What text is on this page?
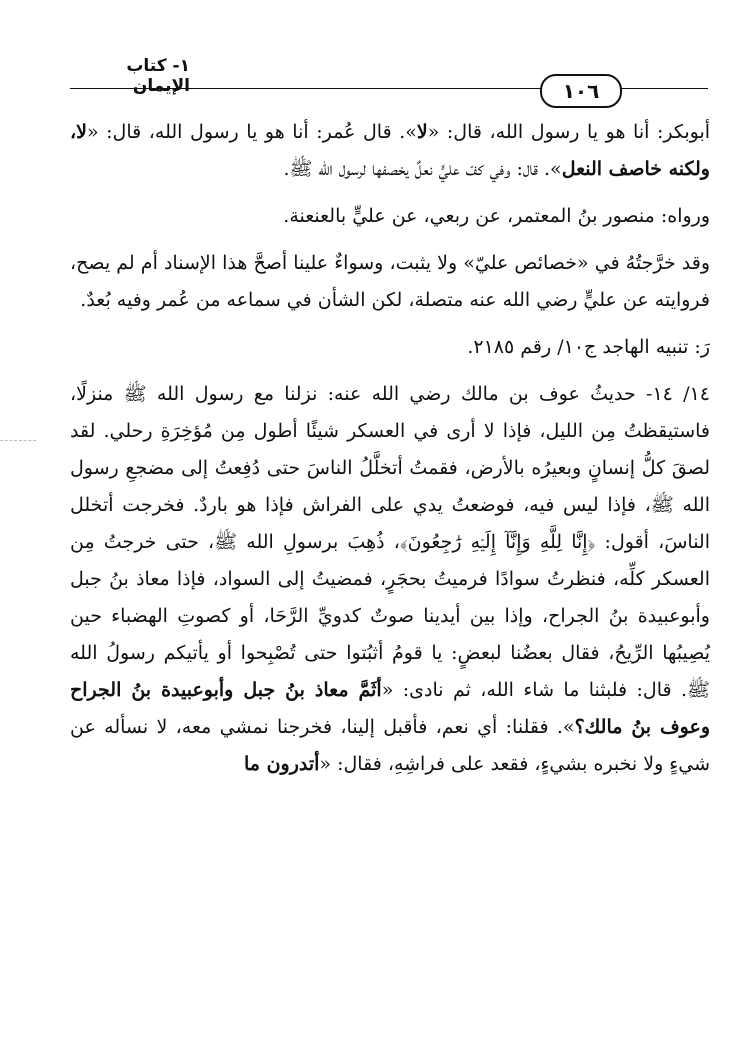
١- كتاب الإيمان	١٠٦

أبوبكر: أنا هو يا رسول الله، قال: «لا». قال عُمر: أنا هو يا رسول الله، قال: «لا، ولكنه خاصف النعل». قال: وفي كفّ عليٍّ نعلٌ يخصفها لرسول الله ﷺ.

ورواه: منصور بنُ المعتمر، عن ربعي، عن عليٍّ بالعنعنة.

وقد خرَّجتُهُ في «خصائص عليّ» ولا يثبت، وسواءٌ علينا أصحَّ هذا الإسناد أم لم يصح، فروايته عن عليٍّ رضي الله عنه متصلة، لكن الشأن في سماعه من عُمر وفيه بُعدٌ.

رَ: تنبيه الهاجد ج١٠/ رقم ٢١٨٥.

١٤/ ١٤- حديثُ عوف بن مالك رضي الله عنه: نزلنا مع رسول الله ﷺ منزلًا، فاستيقظتُ مِن الليل، فإذا لا أرى في العسكر شيئًا أطول مِن مُؤخِرَةِ رحلي. لقد لصقَ كلُّ إنسانٍ وبعيرُه بالأرض، فقمتُ أتخلَّلُ الناسَ حتى دُفِعتُ إلى مضجعِ رسول الله ﷺ، فإذا ليس فيه، فوضعتُ يدي على الفراش فإذا هو باردٌ. فخرجت أتخلل الناسَ، أقول: ﴿إِنَّا لِلَّهِ وَإِنَّآ إِلَيۡهِ رَٰجِعُونَ﴾، ذُهِبَ برسولِ الله ﷺ، حتى خرجتُ مِن العسكر كلِّه، فنظرتُ سوادًا فرميتُ بحجَرٍ، فمضيتُ إلى السواد، فإذا معاذ بنُ جبل وأبوعبيدة بنُ الجراح، وإذا بين أيدينا صوتٌ كدويِّ الرَّحَا، أو كصوتِ الهضباء حين يُصِيبُها الرِّيحُ، فقال بعضُنا لبعضٍ: يا قومُ أثبُتوا حتى تُصْبِحوا أو يأتيكم رسولُ الله ﷺ. قال: فلبثنا ما شاء الله، ثم نادى: «أثَمَّ معاذ بنُ جبل وأبوعبيدة بنُ الجراح وعوف بنُ مالك؟». فقلنا: أي نعم، فأقبل إلينا، فخرجنا نمشي معه، لا نسأله عن شيءٍ ولا نخبره بشيءٍ، فقعد على فراشِهِ، فقال: «أتدرون ما
